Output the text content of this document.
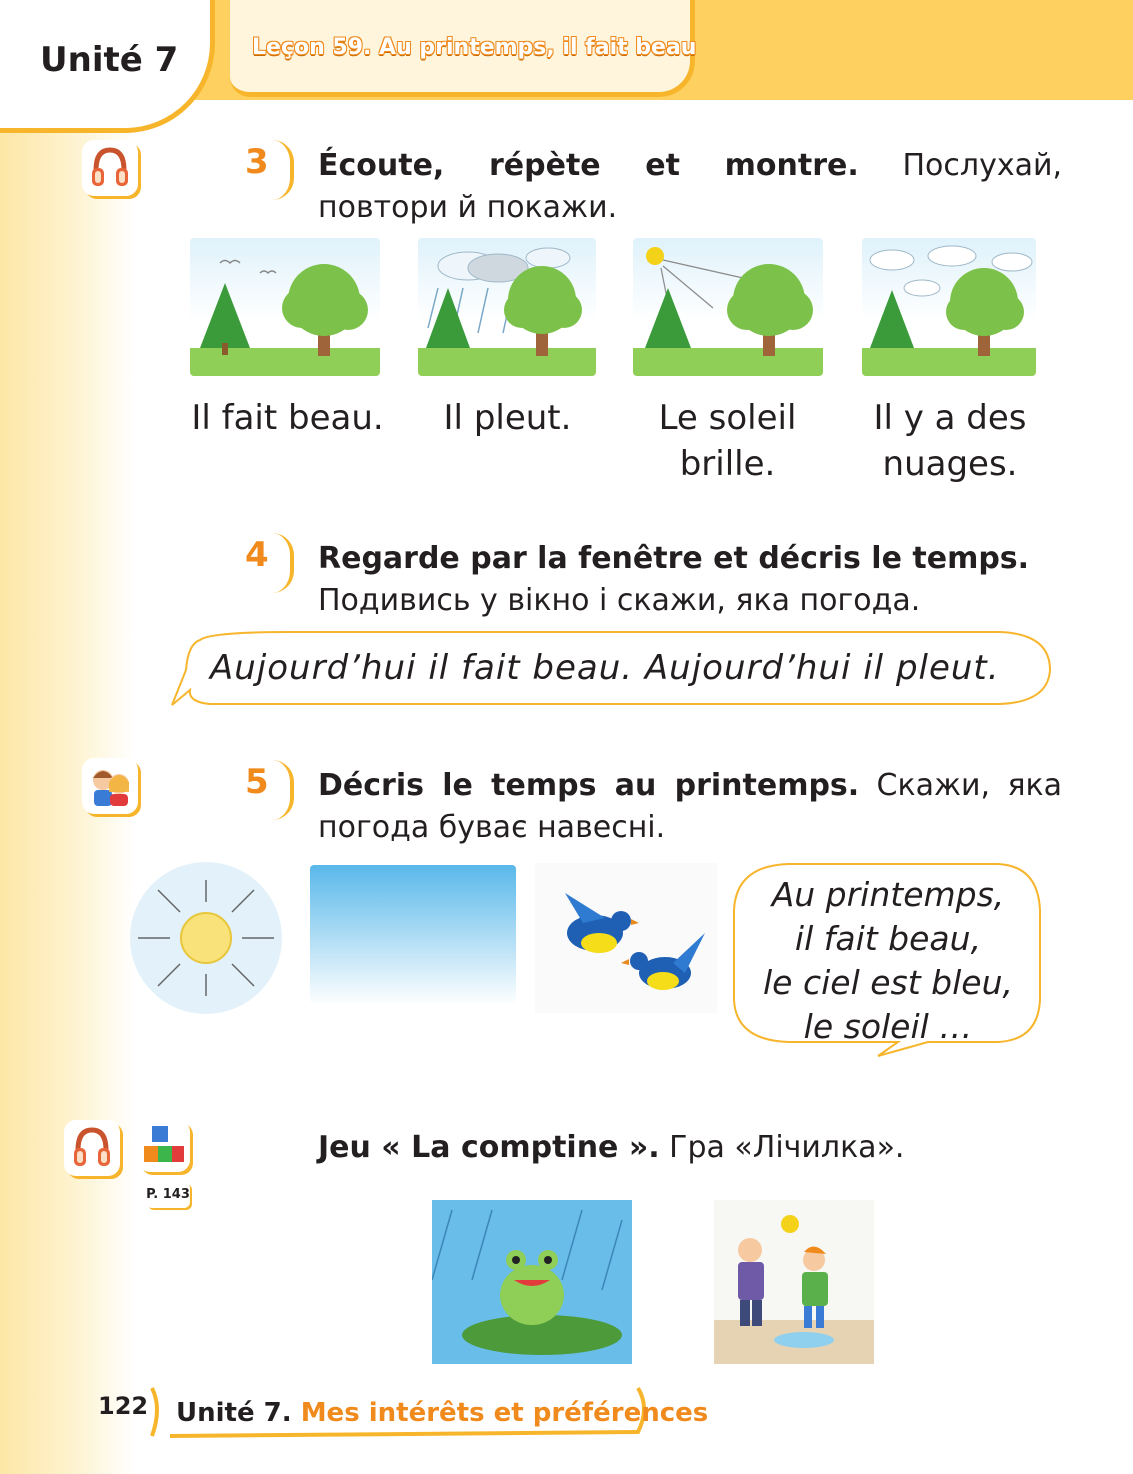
Unité 7	Leçon 59. Au printemps, il fait beau
3 Écoute, répète et montre. Послухай, повтори й покажи.
Il fait beau.	Il pleut.	Le soleil brille.
Il y a des nuages.
4 Regarde par la fenêtre et décris le temps.
Подивись у вікно і скажи, яка погода.
Aujourd’hui il fait beau. Aujourd’hui il pleut.
5 Décris le temps au printemps. Скажи, яка погода буває навесні.
Au printemps,
il fait beau,
le ciel est bleu,
le soleil …
P. 143
Jeu « La comptine ». Гра «Лічилка».
122 Unité 7. Mes intérêts et préférences
